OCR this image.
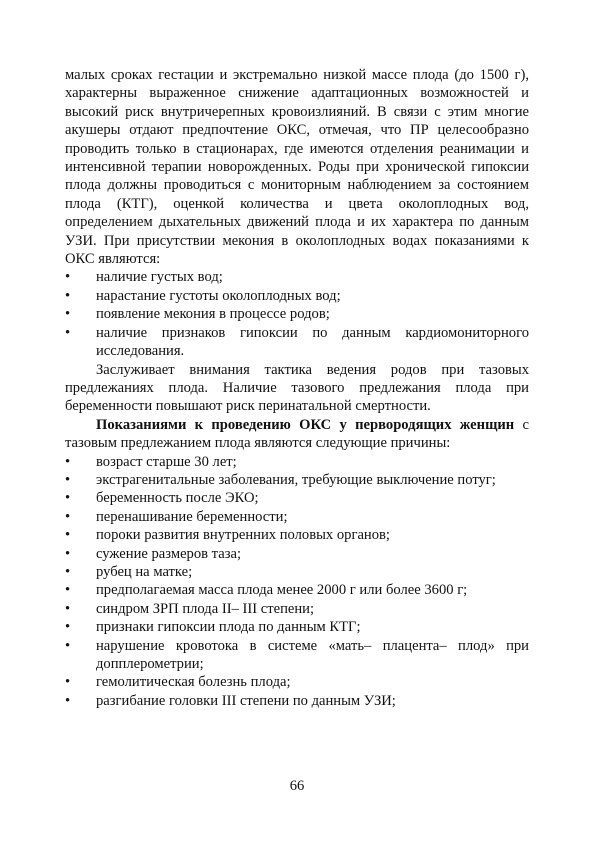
малых сроках гестации и экстремально низкой массе плода (до 1500 г), характерны выраженное снижение адаптационных возможностей и высокий риск внутричерепных кровоизлияний. В связи с этим многие акушеры отдают предпочтение ОКС, отмечая, что ПР целесообразно проводить только в стационарах, где имеются отделения реанимации и интенсивной терапии новорожденных. Роды при хронической гипоксии плода должны проводиться с мониторным наблюдением за состоянием плода (КТГ), оценкой количества и цвета околоплодных вод, определением дыхательных движений плода и их характера по данным УЗИ. При присутствии мекония в околоплодных водах показаниями к ОКС являются:

• наличие густых вод;
• нарастание густоты околоплодных вод;
• появление мекония в процессе родов;
• наличие признаков гипоксии по данным кардиомониторного исследования.

Заслуживает внимания тактика ведения родов при тазовых предлежаниях плода. Наличие тазового предлежания плода при беременности повышают риск перинатальной смертности.

Показаниями к проведению ОКС у первородящих женщин с тазовым предлежанием плода являются следующие причины:

• возраст старше 30 лет;
• экстрагенитальные заболевания, требующие выключение потуг;
• беременность после ЭКО;
• перенашивание беременности;
• пороки развития внутренних половых органов;
• сужение размеров таза;
• рубец на матке;
• предполагаемая масса плода менее 2000 г или более 3600 г;
• синдром ЗРП плода II– III степени;
• признаки гипоксии плода по данным КТГ;
• нарушение кровотока в системе «мать– плацента– плод» при допплерометрии;
• гемолитическая болезнь плода;
• разгибание головки III степени по данным УЗИ;
66
